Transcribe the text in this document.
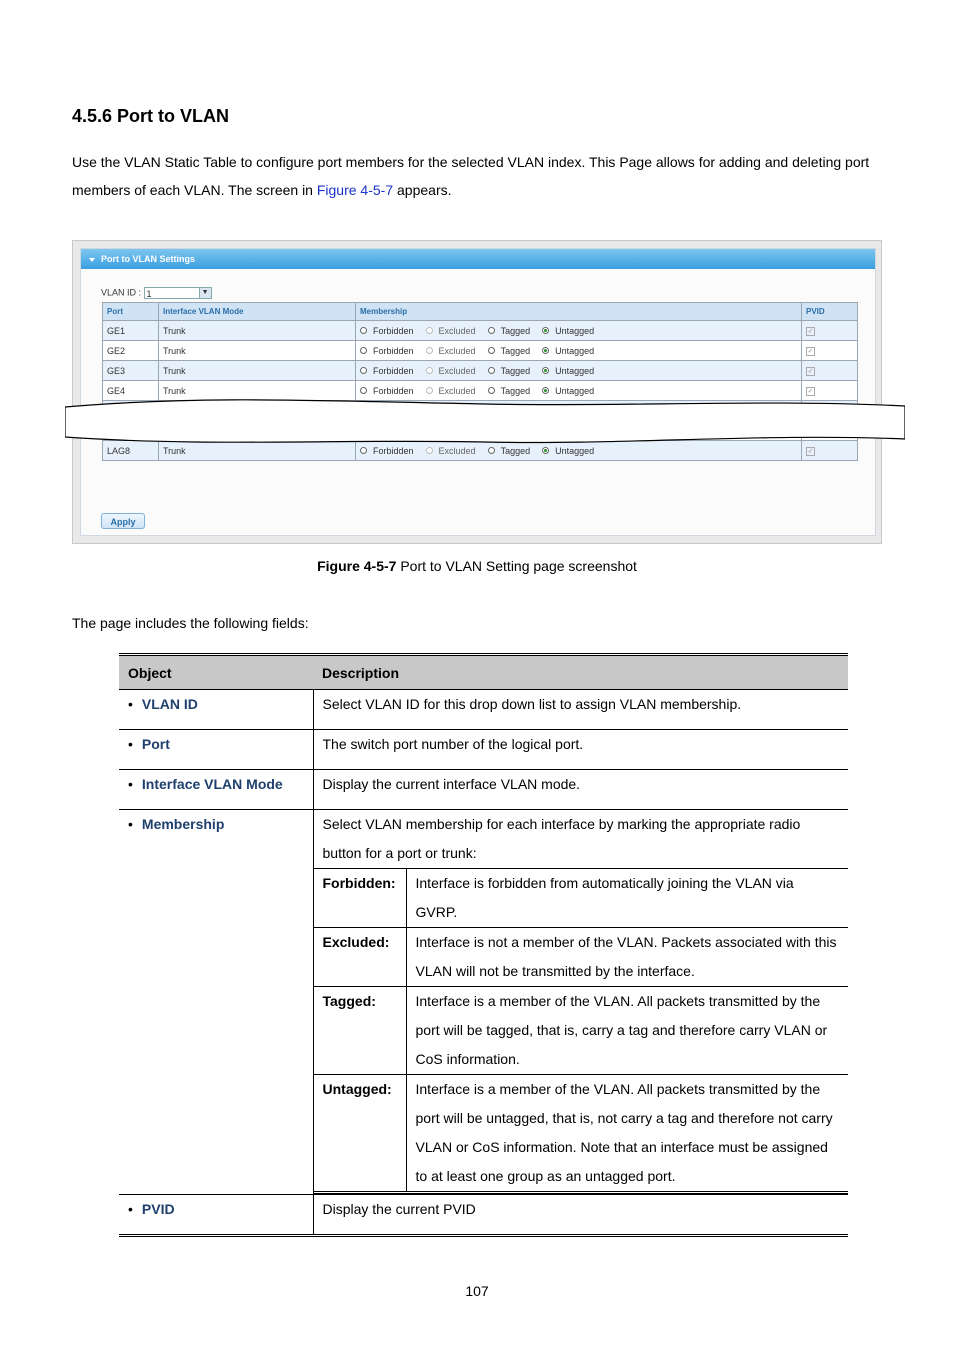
4.5.6 Port to VLAN

Use the VLAN Static Table to configure port members for the selected VLAN index. This Page allows for adding and deleting port members of each VLAN. The screen in Figure 4-5-7 appears.

Port to VLAN Settings
VLAN ID : 1	▼
Port	Interface VLAN Mode	Membership	PVID
GE1	Trunk	Forbidden Excluded Tagged Untagged	✓
GE2	Trunk	Forbidden Excluded Tagged Untagged	✓
GE3	Trunk	Forbidden Excluded Tagged Untagged	✓
GE4	Trunk	Forbidden Excluded Tagged Untagged	✓

LAG8	Trunk	Forbidden Excluded Tagged Untagged	✓
Apply

Figure 4-5-7 Port to VLAN Setting page screenshot

The page includes the following fields:

Object	Description
• VLAN ID	Select VLAN ID for this drop down list to assign VLAN membership.
• Port	The switch port number of the logical port.
• Interface VLAN Mode	Display the current interface VLAN mode.
• Membership	Select VLAN membership for each interface by marking the appropriate radio button for a port or trunk:
Forbidden:	Interface is forbidden from automatically joining the VLAN via GVRP.
Excluded:	Interface is not a member of the VLAN. Packets associated with this VLAN will not be transmitted by the interface.
Tagged:	Interface is a member of the VLAN. All packets transmitted by the port will be tagged, that is, carry a tag and therefore carry VLAN or CoS information.
Untagged:	Interface is a member of the VLAN. All packets transmitted by the port will be untagged, that is, not carry a tag and therefore not carry VLAN or CoS information. Note that an interface must be assigned to at least one group as an untagged port.

• PVID	Display the current PVID

107
